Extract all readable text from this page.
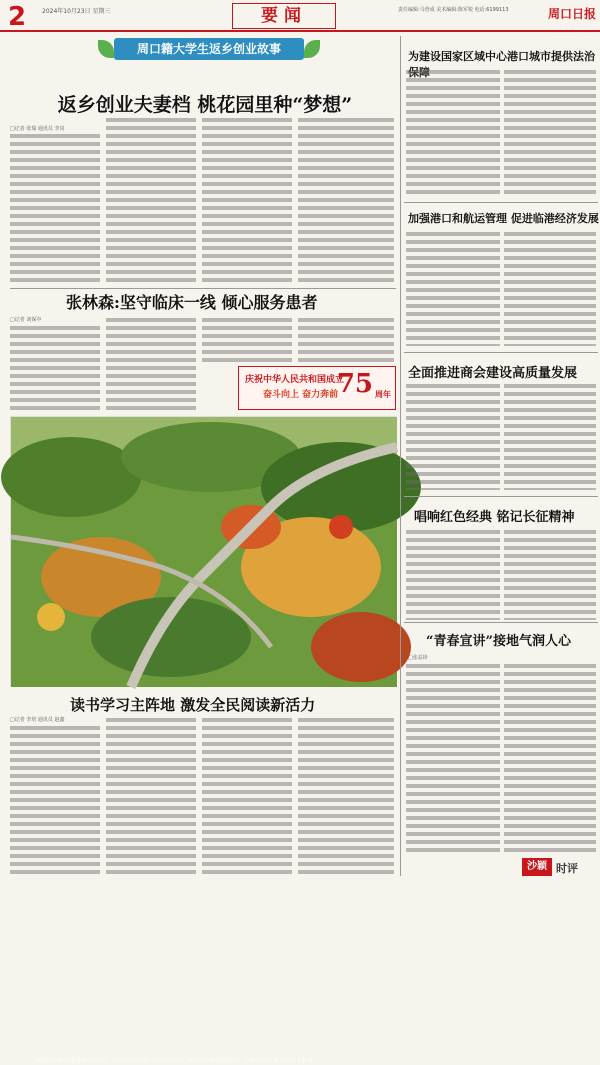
2	2024年10月23日 星期三	要闻	责任编辑:马营成 美术编辑:陈军锐 电话:6199113	周口日报
周口籍大学生返乡创业故事
返乡创业夫妻档 桃花园里种“梦想”
□记者 张瑞 通讯员 李岗
张林森:坚守临床一线 倾心服务患者
□记者 刘保亭
庆祝中华人民共和国成立
奋斗向上 奋力奔前
75 周年
满城秋色,周口大地处处是好风景。图为航拍下的城市公园,绿树成荫、红叶缤纷,步道蜿蜒其间。记者 沈和平 摄 通讯员 王勇 摄
读书学习主阵地 激发全民阅读新活力
□记者 李培 通讯员 赵鑫
为建设国家区域中心港口城市提供法治保障
加强港口和航运管理 促进临港经济发展
全面推进商会建设高质量发展
唱响红色经典 铭记长征精神
“青春宣讲”接地气润人心
□张益铎
沙颖 时评
